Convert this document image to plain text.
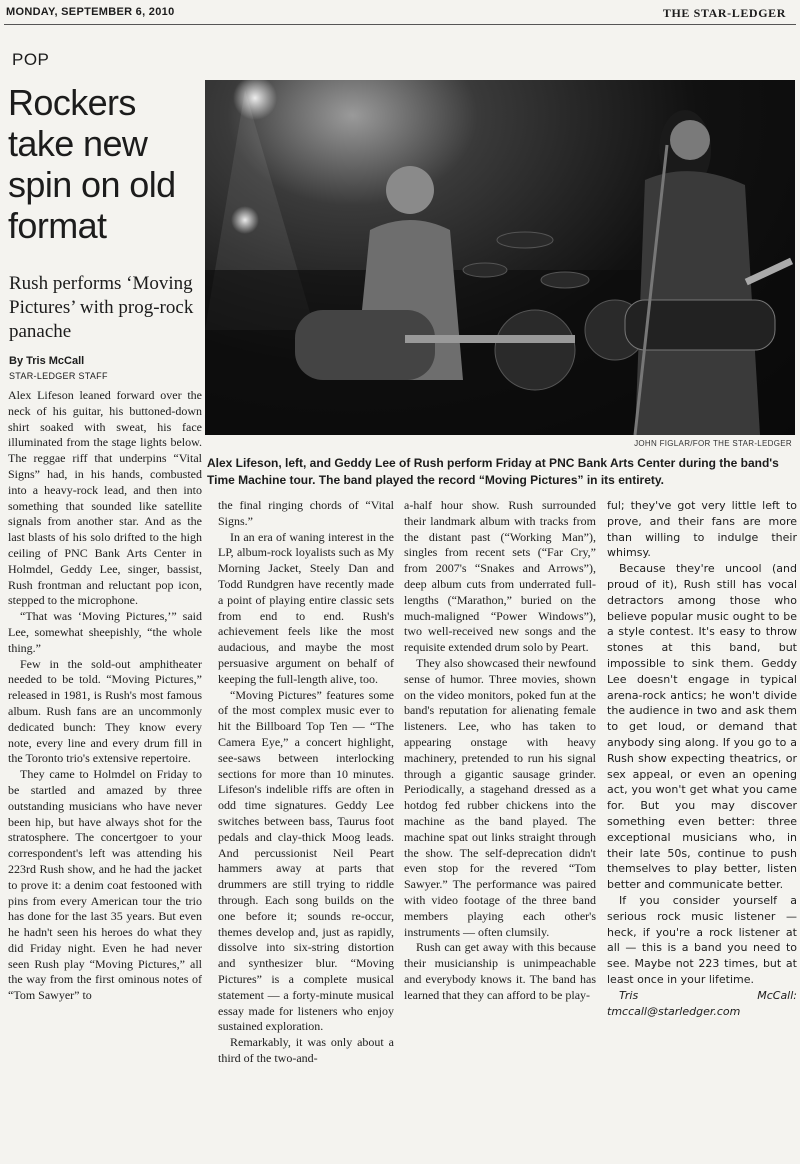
MONDAY, SEPTEMBER 6, 2010	THE STAR-LEDGER
POP
Rockers take new spin on old format
Rush performs ‘Moving Pictures’ with prog-rock panache
By Tris McCall
STAR-LEDGER STAFF
JOHN FIGLAR/FOR THE STAR-LEDGER
Alex Lifeson, left, and Geddy Lee of Rush perform Friday at PNC Bank Arts Center during the band's Time Machine tour. The band played the record “Moving Pictures” in its entirety.

Alex Lifeson leaned forward over the neck of his guitar, his buttoned-down shirt soaked with sweat, his face illuminated from the stage lights below. The reggae riff that underpins “Vital Signs” had, in his hands, combusted into a heavy-rock lead, and then into something that sounded like satellite signals from another star. And as the last blasts of his solo drifted to the high ceiling of PNC Bank Arts Center in Holmdel, Geddy Lee, singer, bassist, Rush frontman and reluctant pop icon, stepped to the microphone.

“That was ‘Moving Pictures,’” said Lee, somewhat sheepishly, “the whole thing.”

Few in the sold-out amphitheater needed to be told. “Moving Pictures,” released in 1981, is Rush's most famous album. Rush fans are an uncommonly dedicated bunch: They know every note, every line and every drum fill in the Toronto trio's extensive repertoire.

They came to Holmdel on Friday to be startled and amazed by three outstanding musicians who have never been hip, but have always shot for the stratosphere. The concertgoer to your correspondent's left was attending his 223rd Rush show, and he had the jacket to prove it: a denim coat festooned with pins from every American tour the trio has done for the last 35 years. But even he hadn't seen his heroes do what they did Friday night. Even he had never seen Rush play “Moving Pictures,” all the way from the first ominous notes of “Tom Sawyer” to

the final ringing chords of “Vital Signs.”

In an era of waning interest in the LP, album-rock loyalists such as My Morning Jacket, Steely Dan and Todd Rundgren have recently made a point of playing entire classic sets from end to end. Rush's achievement feels like the most audacious, and maybe the most persuasive argument on behalf of keeping the full-length alive, too.

“Moving Pictures” features some of the most complex music ever to hit the Billboard Top Ten — “The Camera Eye,” a concert highlight, see-saws between interlocking sections for more than 10 minutes. Lifeson's indelible riffs are often in odd time signatures. Geddy Lee switches between bass, Taurus foot pedals and clay-thick Moog leads. And percussionist Neil Peart hammers away at parts that drummers are still trying to riddle through. Each song builds on the one before it; sounds re-occur, themes develop and, just as rapidly, dissolve into six-string distortion and synthesizer blur. “Moving Pictures” is a complete musical statement — a forty-minute musical essay made for listeners who enjoy sustained exploration.

Remarkably, it was only about a third of the two-and-

a-half hour show. Rush surrounded their landmark album with tracks from the distant past (“Working Man”), singles from recent sets (“Far Cry,” from 2007's “Snakes and Arrows”), deep album cuts from underrated full-lengths (“Marathon,” buried on the much-maligned “Power Windows”), two well-received new songs and the requisite extended drum solo by Peart.

They also showcased their newfound sense of humor. Three movies, shown on the video monitors, poked fun at the band's reputation for alienating female listeners. Lee, who has taken to appearing onstage with heavy machinery, pretended to run his signal through a gigantic sausage grinder. Periodically, a stagehand dressed as a hotdog fed rubber chickens into the machine as the band played. The machine spat out links straight through the show. The self-deprecation didn't even stop for the revered “Tom Sawyer.” The performance was paired with video footage of the three band members playing each other's instruments — often clumsily.

Rush can get away with this because their musicianship is unimpeachable and everybody knows it. The band has learned that they can afford to be play-

ful; they've got very little left to prove, and their fans are more than willing to indulge their whimsy.

Because they're uncool (and proud of it), Rush still has vocal detractors among those who believe popular music ought to be a style contest. It's easy to throw stones at this band, but impossible to sink them. Geddy Lee doesn't engage in typical arena-rock antics; he won't divide the audience in two and ask them to get loud, or demand that anybody sing along. If you go to a Rush show expecting theatrics, or sex appeal, or even an opening act, you won't get what you came for. But you may discover something even better: three exceptional musicians who, in their late 50s, continue to push themselves to play better, listen better and communicate better.

If you consider yourself a serious rock music listener — heck, if you're a rock listener at all — this is a band you need to see. Maybe not 223 times, but at least once in your lifetime.

Tris McCall: tmccall@starledger.com
